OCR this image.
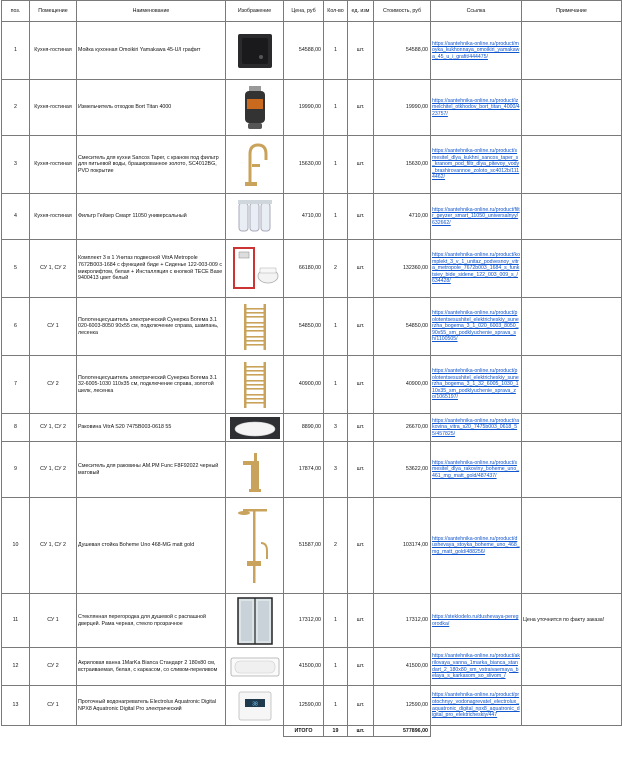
поз.	Помещение	Наименование	Изображение	Цена, руб	Кол-во	ед. изм	Стоимость, руб	Ссылка	Примечание
1	Кухня-гостиная	Мойка кухонная Omoikiri Yamakawa 45-U/I графит		54588,00	1	шт.	54588,00	https://santehnika-online.ru/product/moyka_kukhonnaya_omoikiri_yamakawa_45_u_i_grafit/444475/	
2	Кухня-гостиная	Измельчитель отходов Bort Titan 4000		19990,00	1	шт.	19990,00	https://santehnika-online.ru/product/izmelchitel_otkhodov_bort_titan_4000/423757/	
3	Кухня-гостиная	Смеситель для кухни Sancos Taper, с краном под фильтр для питьевой воды, брашированное золото, SC4012BG, PVD покрытие		15630,00	1	шт.	15630,00	https://santehnika-online.ru/product/smesitel_dlya_kukhni_sancos_taper_s_kranom_pod_filtr_dlya_pitevoy_vody_brashirovannoe_zoloto_sc4012b/1114462/	
4	Кухня-гостиная	Фильтр Гейзер Смарт 11050 универсальный		4710,00	1	шт.	4710,00	https://santehnika-online.ru/product/filtr_geyzer_smart_11050_universalnyy/632662/	
5	СУ 1, СУ 2	Комплект 3 в 1 Унитаз подвесной VitrA Metropole 7672B003-1684 с функцией биде + Сиденье 122-003-009 с микролифтом, белая + Инсталляция с кнопкой TECE Base 9400413 цвет белый		66180,00	2	шт.	132360,00	https://santehnika-online.ru/product/komplekt_3_v_1_unitaz_podvesnoy_vitra_metropole_7672b003_1684_s_funktsiey_bide_sidene_122_003_009_s_/634428/	
6	СУ 1	Полотенцесушитель электрический Сунержа Богема 3.1 020-6003-8050 90х55 см, подключение справа, шампань, лесенка		54850,00	1	шт.	54850,00	https://santehnika-online.ru/product/polotentsesushitel_elektricheskiy_sunerzha_bogema_3_1_020_6003_8050_90x55_sm_podklyuchenie_sprava_sh/1100505/	
7	СУ 2	Полотенцесушитель электрический Сунержа Богема 3.1 32-6005-1030 110х35 см, подключение справа, золотой шелк, лесенка		40900,00	1	шт.	40900,00	https://santehnika-online.ru/product/polotentsesushitel_elektricheskiy_sunerzha_bogema_3_1_32_6005_1030_110x35_sm_podklyuchenie_sprava_zo/1065197/	
8	СУ 1, СУ 2	Раковина VitrA S20 7475B003-0618 55		8890,00	3	шт.	26670,00	https://santehnika-online.ru/product/rakovina_vitra_s20_7475b003_0618_55/457825/	
9	СУ 1, СУ 2	Смеситель для раковины AM.PM Func F8F92022 черный матовый		17874,00	3	шт.	53622,00	https://santehnika-online.ru/product/smesitel_dlya_rakoviny_boheme_uno_461_mg_matt_gold/487437/	
10	СУ 1, СУ 2	Душевая стойка Boheme Uno 468-MG matt gold		51587,00	2	шт.	103174,00	https://santehnika-online.ru/product/dushevaya_stoyka_boheme_uno_468_mg_matt_gold/488256/	
11	СУ 1	Стеклянная перегородка для душевой с распашной дверцей. Рама черная, стекло прозрачное		17312,00	1	шт.	17312,00	https://steklodelo.ru/dushevaya-peregorodka/	Цена уточнится по факту заказа!
12	СУ 2	Акриловая ванна 1MarKa Bianca Стандарт 2 180х80 см, встраиваемая, белая, с каркасом, со сливом-переливом		41500,00	1	шт.	41500,00	https://santehnika-online.ru/product/akrilovaya_vanna_1marka_bianca_standart_2_180x80_sm_vstraivaemaya_belaya_s_karkasom_so_slivom_/	
13	СУ 1	Проточный водонагреватель Electrolux Aquatronic Digital NPX8 Aquatronic Digital Pro электрический	38	12590,00	1	шт.	12590,00	https://santehnika-online.ru/product/protochnyy_vodonagrevatel_electrolux_aquatronic_digital_npx8_aquatronic_digital_pro_elektricheskiy/447	
				ИТОГО	19	шт.	577896,00		
